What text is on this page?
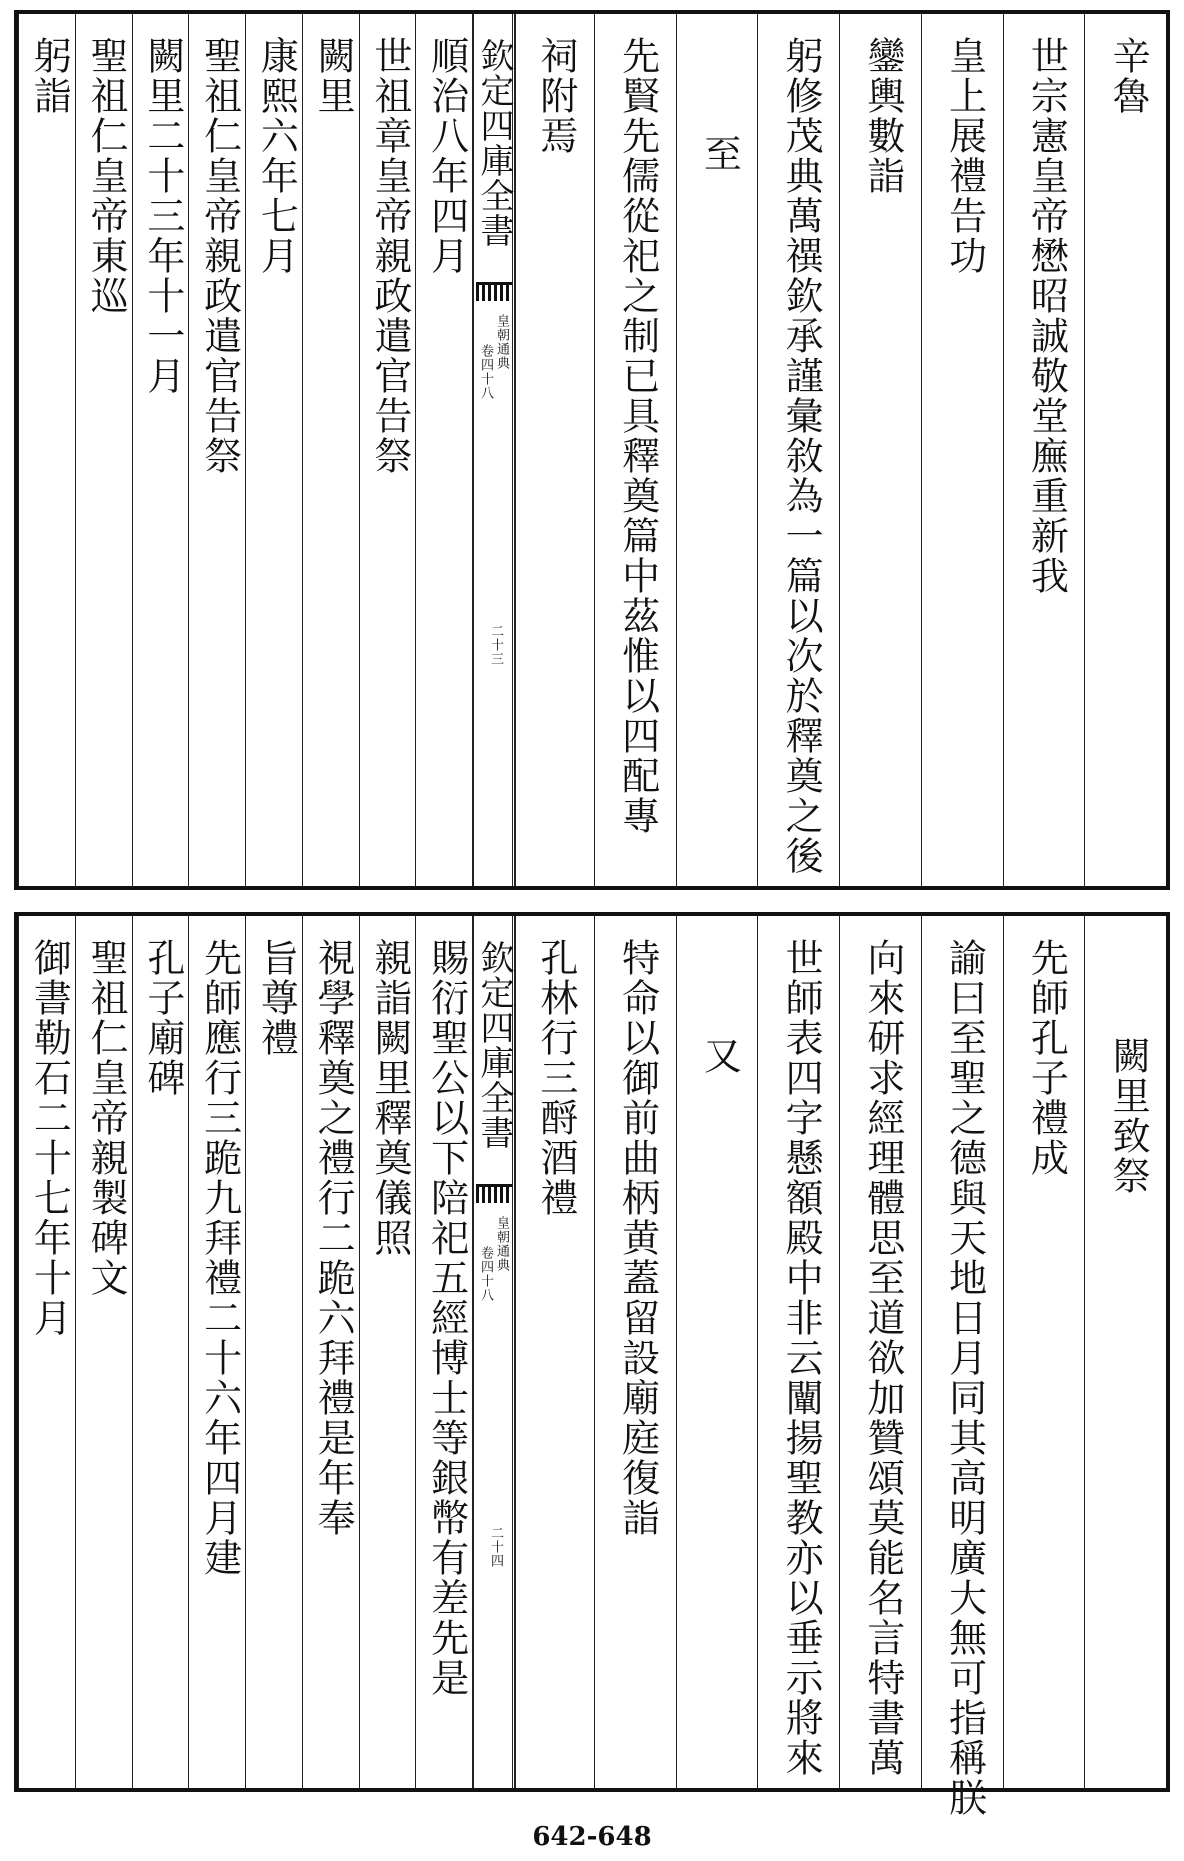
辛魯
世宗憲皇帝懋昭誠敬堂廡重新我
皇上展禮告功
鑾輿數詣
躬修茂典萬禩欽承謹彙敘為一篇以次於釋奠之後
至
先賢先儒從祀之制已具釋奠篇中茲惟以四配專
祠附焉
順治八年四月
世祖章皇帝親政遣官告祭
闕里
康熙六年七月
聖祖仁皇帝親政遣官告祭
闕里二十三年十一月
聖祖仁皇帝東巡
躬詣	欽定四庫全書
皇朝通典
卷四十八
二十三
闕里致祭
先師孔子禮成
諭曰至聖之德與天地日月同其高明廣大無可指稱朕
向來研求經理體思至道欲加贊頌莫能名言特書萬
世師表四字懸額殿中非云闡揚聖教亦以垂示將來
又
特命以御前曲柄黄蓋留設廟庭復詣
孔林行三酹酒禮
賜衍聖公以下陪祀五經博士等銀幣有差先是
親詣闕里釋奠儀照
視學釋奠之禮行二跪六拜禮是年奉
旨尊禮
先師應行三跪九拜禮二十六年四月建
孔子廟碑
聖祖仁皇帝親製碑文
御書勒石二十七年十月	欽定四庫全書
皇朝通典
卷四十八
二十四
642-648
